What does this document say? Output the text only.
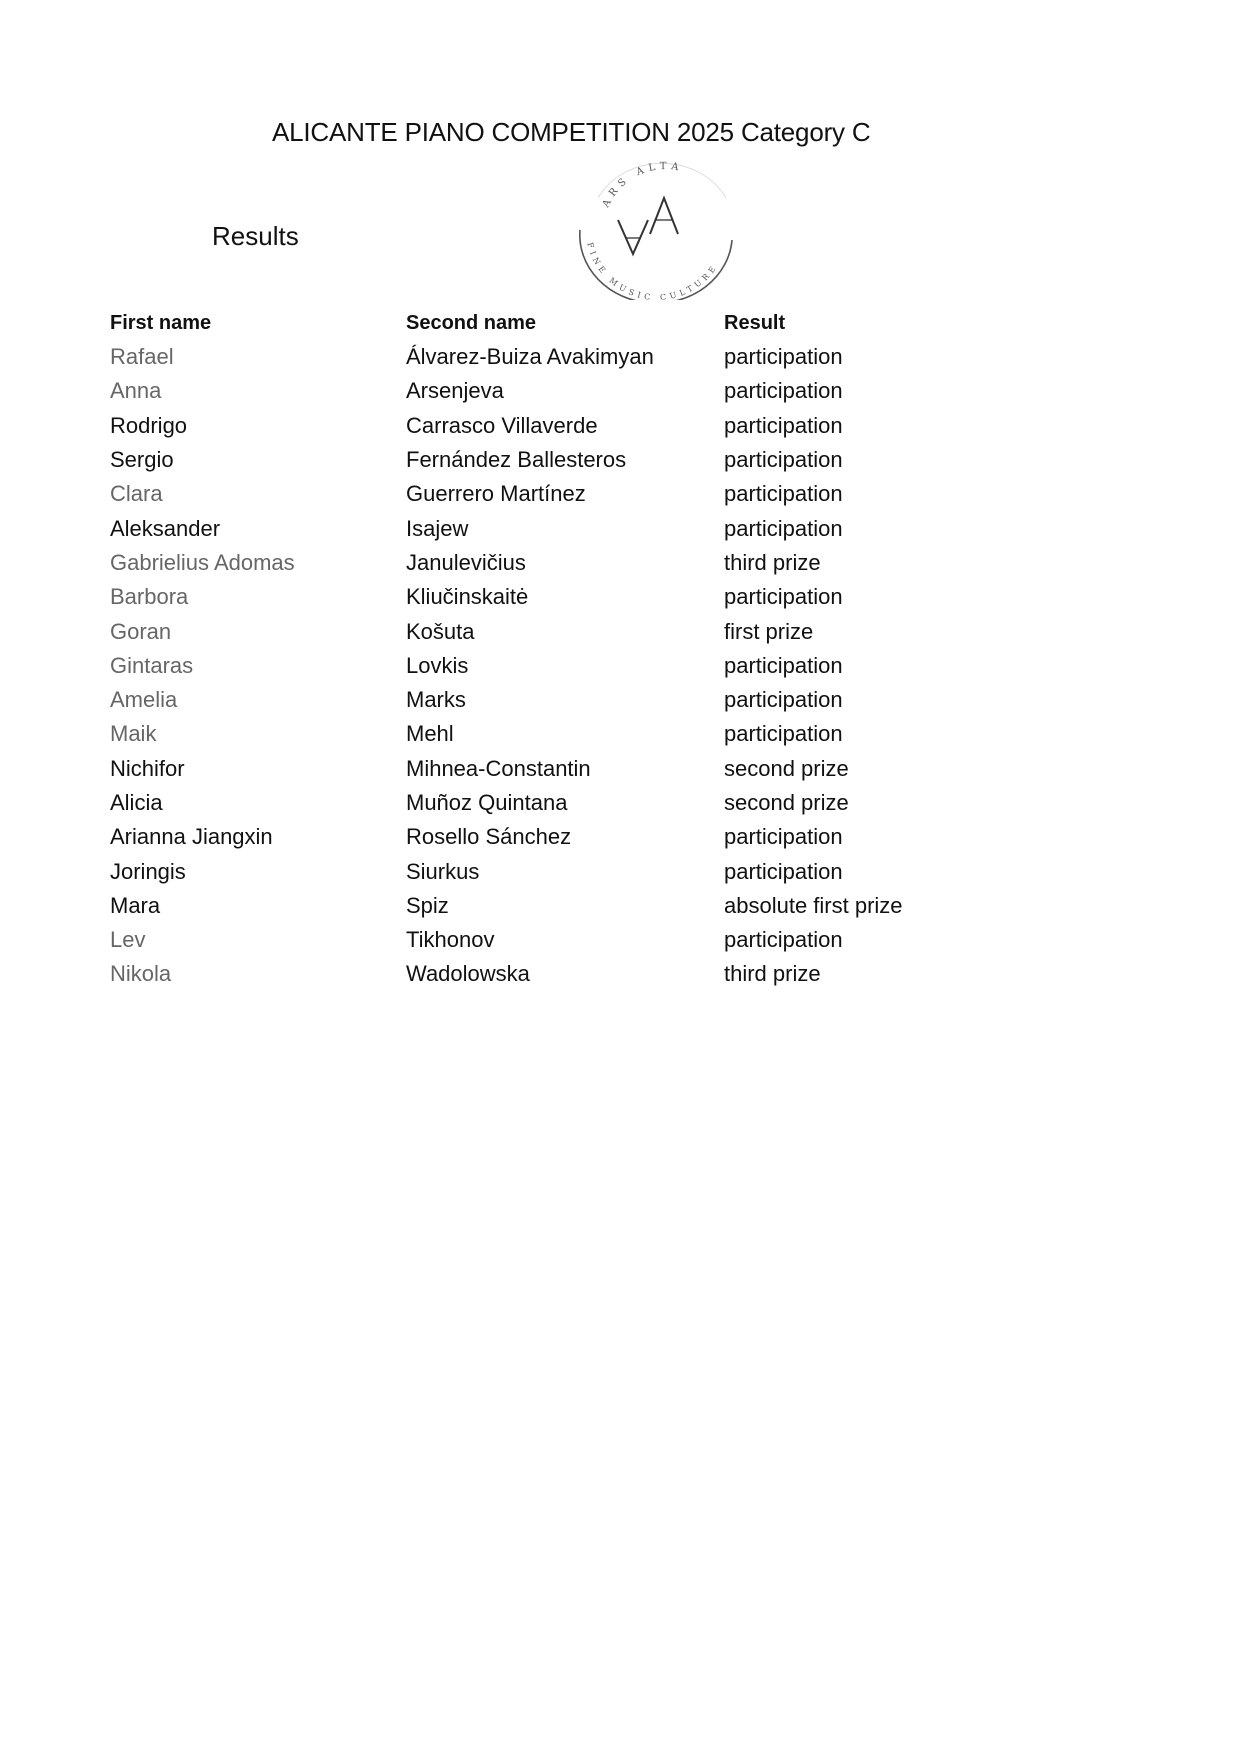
ALICANTE PIANO COMPETITION 2025 Category C
Results
ARS ALTA
FINE MUSIC CULTURE
First name	Second name	Result
Rafael	Álvarez-Buiza Avakimyan	participation
Anna	Arsenjeva	participation
Rodrigo	Carrasco Villaverde	participation
Sergio	Fernández Ballesteros	participation
Clara	Guerrero Martínez	participation
Aleksander	Isajew	participation
Gabrielius Adomas	Janulevičius	third prize
Barbora	Kliučinskaitė	participation
Goran	Košuta	first prize
Gintaras	Lovkis	participation
Amelia	Marks	participation
Maik	Mehl	participation
Nichifor	Mihnea-Constantin	second prize
Alicia	Muñoz Quintana	second prize
Arianna Jiangxin	Rosello Sánchez	participation
Joringis	Siurkus	participation
Mara	Spiz	absolute first prize
Lev	Tikhonov	participation
Nikola	Wadolowska	third prize
